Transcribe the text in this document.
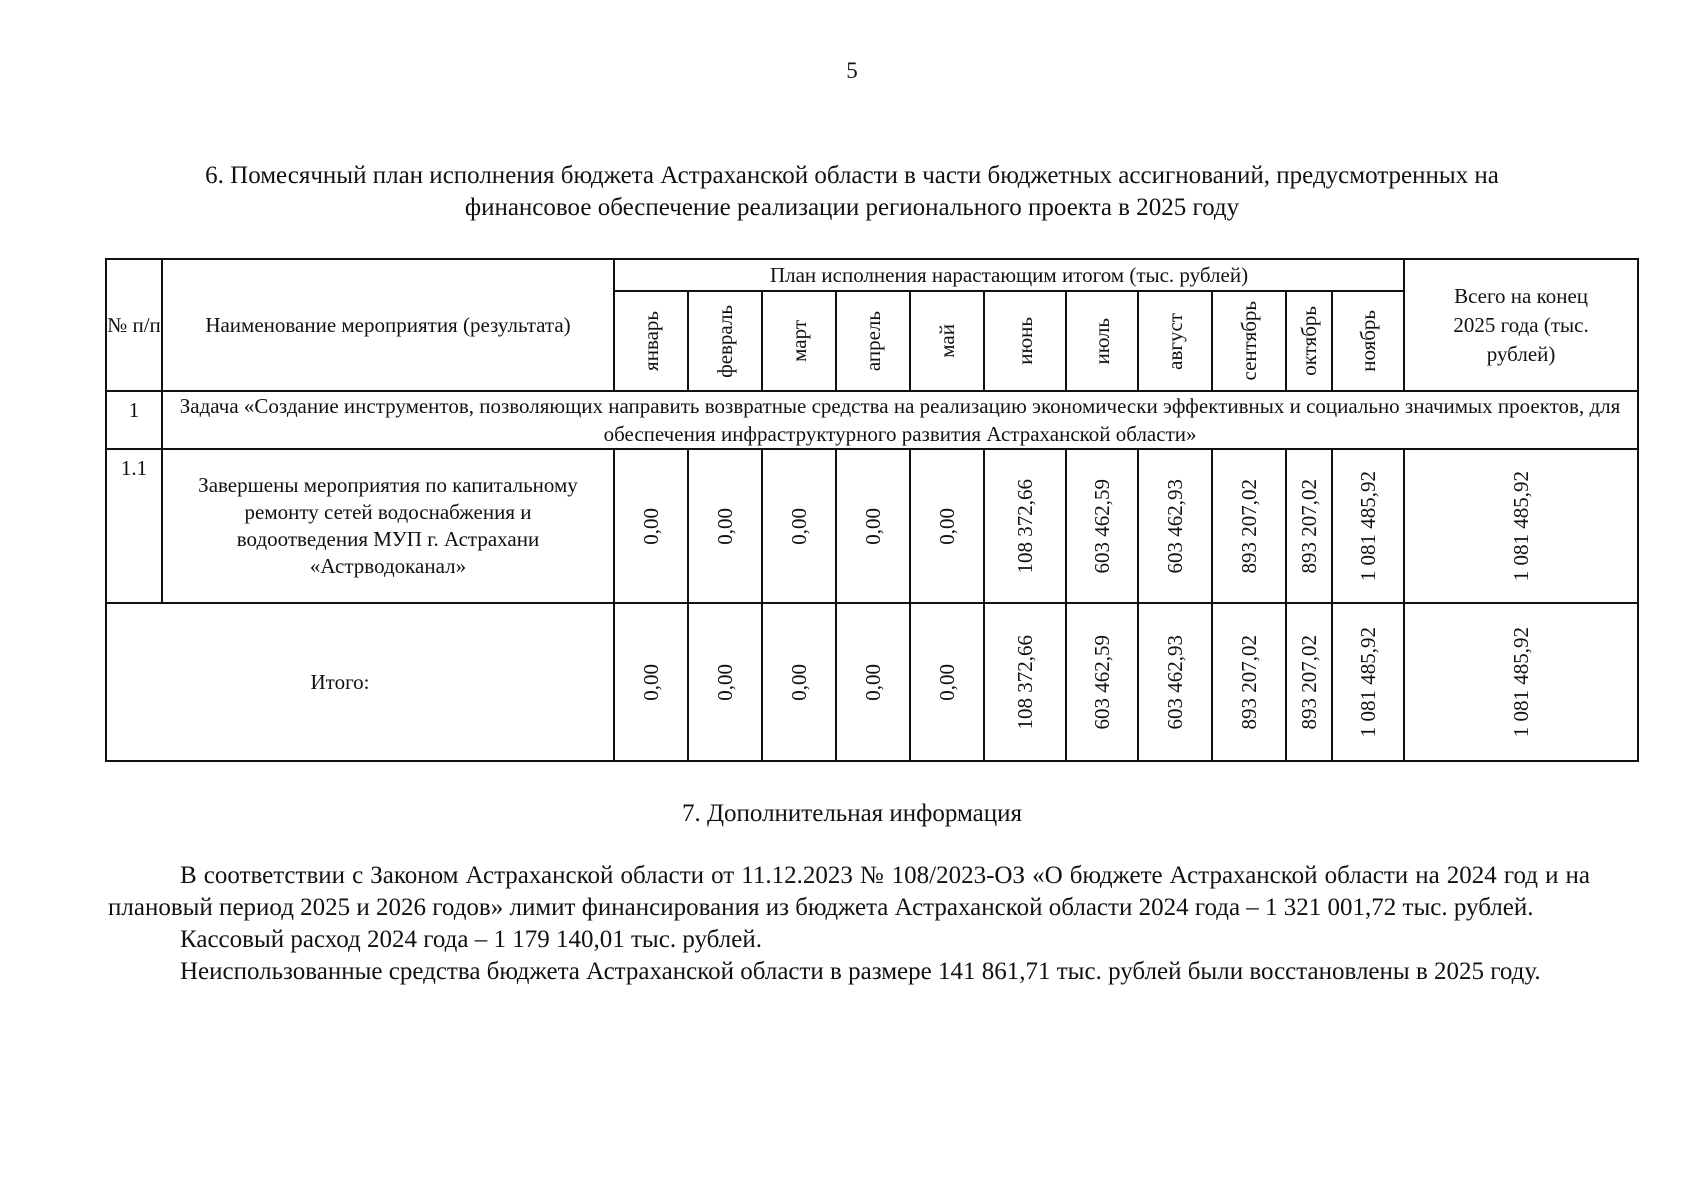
5
6. Помесячный план исполнения бюджета Астраханской области в части бюджетных ассигнований, предусмотренных на
финансовое обеспечение реализации регионального проекта в 2025 году
№ п/п	Наименование мероприятия (результата)	План исполнения нарастающим итогом (тыс. рублей)											Всего на конец 2025 года (тыс. рублей)

		январь	февраль	март	апрель	май	июнь	июль	август	сентябрь	октябрь	ноябрь	

1	Задача «Создание инструментов, позволяющих направить возвратные средства на реализацию экономически эффективных и социально значимых проектов, для обеспечения инфраструктурного развития Астраханской области»												
1.1	Завершены мероприятия по капитальному ремонту сетей водоснабжения и водоотведения МУП г. Астрахани «Астрводоканал»	0,00	0,00	0,00	0,00	0,00	108 372,66	603 462,59	603 462,93	893 207,02	893 207,02	1 081 485,92	1 081 485,92

Итого:		0,00	0,00	0,00	0,00	0,00	108 372,66	603 462,59	603 462,93	893 207,02	893 207,02	1 081 485,92	1 081 485,92
7. Дополнительная информация

В соответствии с Законом Астраханской области от 11.12.2023 № 108/2023-ОЗ «О бюджете Астраханской области на 2024 год и на плановый период 2025 и 2026 годов» лимит финансирования из бюджета Астраханской области 2024 года – 1 321 001,72 тыс. рублей.

Кассовый расход 2024 года – 1 179 140,01 тыс. рублей.

Неиспользованные средства бюджета Астраханской области в размере 141 861,71 тыс. рублей были восстановлены в 2025 году.
